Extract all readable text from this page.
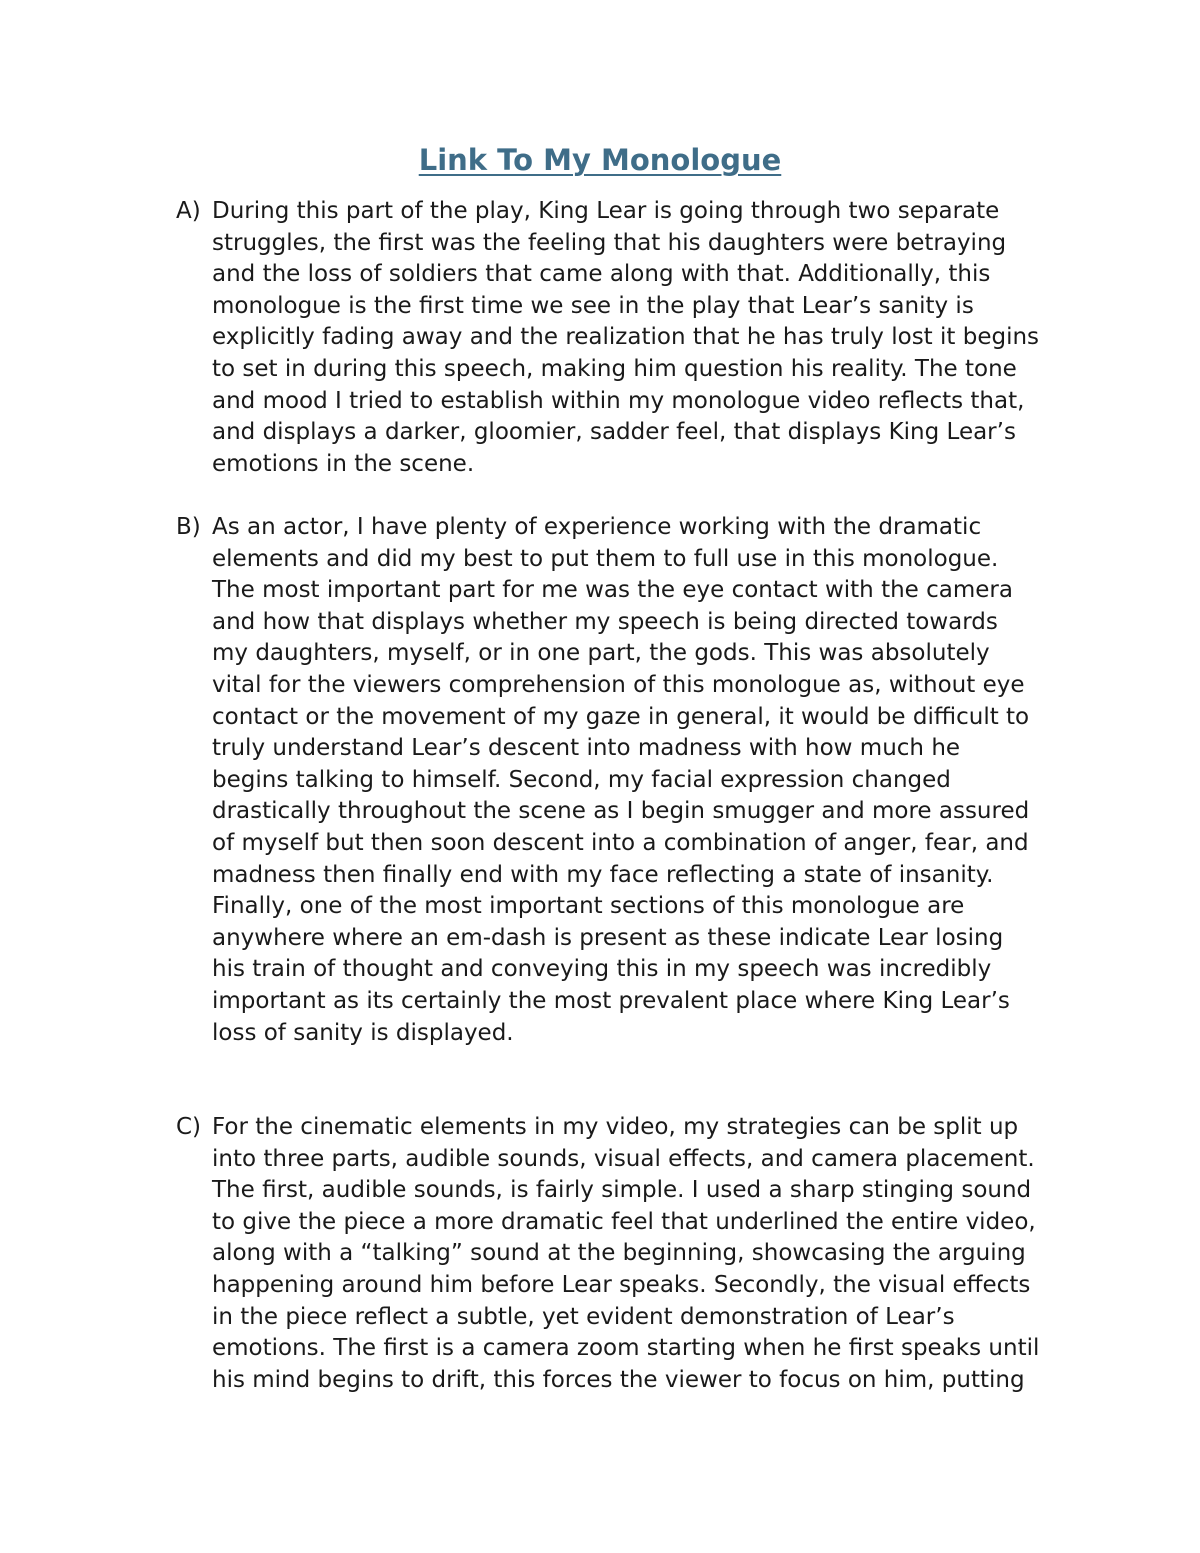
Link To My Monologue
A) During this part of the play, King Lear is going through two separate
struggles, the first was the feeling that his daughters were betraying
and the loss of soldiers that came along with that. Additionally, this
monologue is the first time we see in the play that Lear’s sanity is
explicitly fading away and the realization that he has truly lost it begins
to set in during this speech, making him question his reality. The tone
and mood I tried to establish within my monologue video reflects that,
and displays a darker, gloomier, sadder feel, that displays King Lear’s
emotions in the scene.
B) As an actor, I have plenty of experience working with the dramatic
elements and did my best to put them to full use in this monologue.
The most important part for me was the eye contact with the camera
and how that displays whether my speech is being directed towards
my daughters, myself, or in one part, the gods. This was absolutely
vital for the viewers comprehension of this monologue as, without eye
contact or the movement of my gaze in general, it would be difficult to
truly understand Lear’s descent into madness with how much he
begins talking to himself. Second, my facial expression changed
drastically throughout the scene as I begin smugger and more assured
of myself but then soon descent into a combination of anger, fear, and
madness then finally end with my face reflecting a state of insanity.
Finally, one of the most important sections of this monologue are
anywhere where an em-dash is present as these indicate Lear losing
his train of thought and conveying this in my speech was incredibly
important as its certainly the most prevalent place where King Lear’s
loss of sanity is displayed.
C) For the cinematic elements in my video, my strategies can be split up
into three parts, audible sounds, visual effects, and camera placement.
The first, audible sounds, is fairly simple. I used a sharp stinging sound
to give the piece a more dramatic feel that underlined the entire video,
along with a “talking” sound at the beginning, showcasing the arguing
happening around him before Lear speaks. Secondly, the visual effects
in the piece reflect a subtle, yet evident demonstration of Lear’s
emotions. The first is a camera zoom starting when he first speaks until
his mind begins to drift, this forces the viewer to focus on him, putting
